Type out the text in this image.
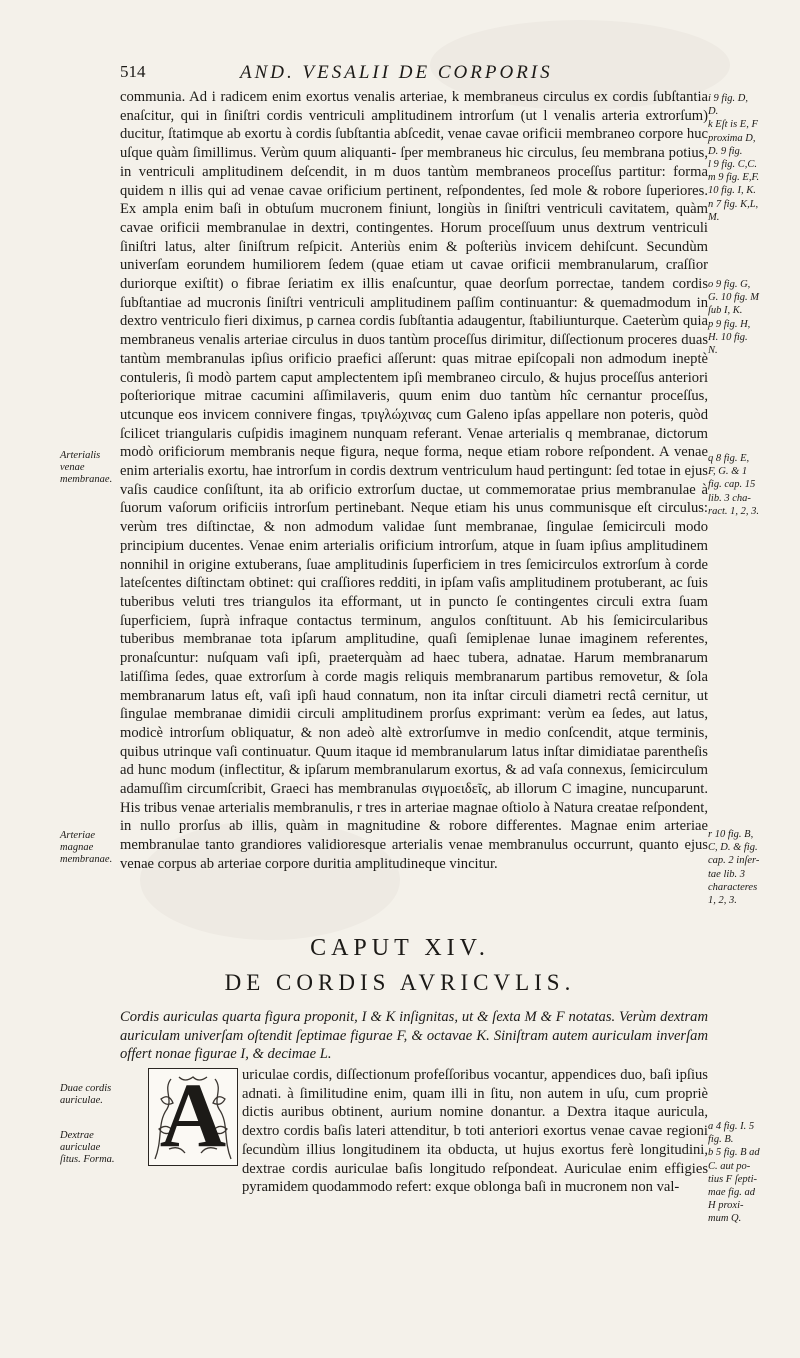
514	AND. VESALII DE CORPORIS

communia. Ad i radicem enim exortus venalis arteriae, k membraneus circulus ex cordis ſubſtantia enaſcitur, qui in ſiniſtri cordis ventriculi amplitudinem introrſum (ut l venalis arteria extrorſum) ducitur, ſtatimque ab exortu à cordis ſubſtantia abſcedit, venae cavae orificii membraneo corpore huc uſque quàm ſimillimus. Verùm quum aliquanti- ſper membraneus hic circulus, ſeu membrana potius, in ventriculi amplitudinem deſcendit, in m duos tantùm membraneos proceſſus partitur: forma quidem n illis qui ad venae cavae orificium pertinent, reſpondentes, ſed mole & robore ſuperiores. Ex ampla enim baſi in obtuſum mucronem finiunt, longiùs in ſiniſtri ventriculi cavitatem, quàm cavae orificii membranulae in dextri, contingentes. Horum proceſſuum unus dextrum ventriculi ſiniſtri latus, alter ſiniſtrum reſpicit. Anteriùs enim & poſteriùs invicem dehiſcunt. Secundùm univerſam eorundem humiliorem ſedem (quae etiam ut cavae orificii membranularum, craſſior duriorque exiſtit) o fibrae ſeriatim ex illis enaſcuntur, quae deorſum porrectae, tandem cordis ſubſtantiae ad mucronis ſiniſtri ventriculi amplitudinem paſſim continuantur: & quemadmodum in dextro ventriculo fieri diximus, p carnea cordis ſubſtantia adaugentur, ſtabiliunturque. Caeterùm quia membraneus venalis arteriae circulus in duos tantùm proceſſus dirimitur, diſſectionum proceres duas tantùm membranulas ipſius orificio praefici aſſerunt: quas mitrae epiſcopali non admodum ineptè contuleris, ſi modò partem caput amplectentem ipſi membraneo circulo, & hujus proceſſus anteriori poſteriorique mitrae cacumini aſſimilaveris, quum enim duo tantùm hîc cernantur proceſſus, utcunque eos invicem connivere fingas, τριγλώχινας cum Galeno ipſas appellare non poteris, quòd ſcilicet triangularis cuſpidis imaginem nunquam referant. Venae arterialis q membranae, dictorum modò orificiorum membranis neque figura, neque forma, neque etiam robore reſpondent. A venae enim arterialis exortu, hae introrſum in cordis dextrum ventriculum haud pertingunt: ſed totae in ejus vaſis caudice conſiſtunt, ita ab orificio extrorſum ductae, ut commemoratae prius membranulae à ſuorum vaſorum orificiis introrſum pertinebant. Neque etiam his unus communisque eſt circulus: verùm tres diſtinctae, & non admodum validae ſunt membranae, ſingulae ſemicirculi modo principium ducentes. Venae enim arterialis orificium introrſum, atque in ſuam ipſius amplitudinem nonnihil in origine extuberans, ſuae amplitudinis ſuperficiem in tres ſemicirculos extrorſum à corde lateſcentes diſtinctam obtinet: qui craſſiores redditi, in ipſam vaſis amplitudinem protuberant, ac ſuis tuberibus veluti tres triangulos ita efformant, ut in puncto ſe contingentes circuli extra ſuam ſuperficiem, ſuprà infraque contactus terminum, angulos conſtituunt. Ab his ſemicircularibus tuberibus membranae tota ipſarum amplitudine, quaſi ſemiplenae lunae imaginem referentes, pronaſcuntur: nuſquam vaſi ipſi, praeterquàm ad haec tubera, adnatae. Harum membranarum latiſſima ſedes, quae extrorſum à corde magis reliquis membranarum partibus removetur, & ſola membranarum latus eſt, vaſi ipſi haud connatum, non ita inſtar circuli diametri rectâ cernitur, ut ſingulae membranae dimidii circuli amplitudinem prorſus exprimant: verùm ea ſedes, aut latus, modicè introrſum obliquatur, & non adeò altè extrorſumve in medio conſcendit, atque terminis, quibus utrinque vaſi continuatur. Quum itaque id membranularum latus inſtar dimidiatae parentheſis ad hunc modum (inflectitur, & ipſarum membranularum exortus, & ad vaſa connexus, ſemicirculum adamuſſim circumſcribit, Graeci has membranulas σιγμοειδεῖς, ab illorum C imagine, nuncuparunt. His tribus venae arterialis membranulis, r tres in arteriae magnae oſtiolo à Natura creatae reſpondent, in nullo prorſus ab illis, quàm in magnitudine & robore differentes. Magnae enim arteriae membranulae tanto grandiores validioresque arterialis venae membranulus occurrunt, quanto ejus venae corpus ab arteriae corpore duritia amplitudineque vincitur.

Arterialis venae membranae.
Arteriae magnae membranae.
Duae cordis auriculae.
Dextrae auriculae ſitus. Forma.
i 9 fig. D,
D.
k Eſt is E, F
proxima D,
D. 9 fig.
l 9 fig. C,C.
m 9 fig. E,F.
10 fig. I, K.
n 7 fig. K,L,
M.
o 9 fig. G,
G. 10 fig. M
ſub I, K.
p 9 fig. H,
H. 10 fig.
N.
q 8 fig. E,
F, G. & 1
fig. cap. 15
lib. 3 cha-
ract. 1, 2, 3.
r 10 fig. B,
C, D. & fig.
cap. 2 inſer-
tae lib. 3
characteres
1, 2, 3.
a 4 fig. I. 5
fig. B.
b 5 fig. B ad
C. aut po-
tius F ſepti-
mae fig. ad
H proxi-
mum Q.
CAPUT XIV.
DE CORDIS AVRICVLIS.
Cordis auriculas quarta figura proponit, I & K inſignitas, ut & ſexta M & F notatas. Verùm dextram auriculam univerſam oſtendit ſeptimae figurae F, & octavae K. Siniſtram autem auriculam inverſam offert nonae figurae I, & decimae L.
A	uriculae cordis, diſſectionum profeſſoribus vocantur, appendices duo, baſi ipſius adnati. à ſimilitudine enim, quam illi in ſitu, non autem in uſu, cum propriè dictis auribus obtinent, aurium nomine donantur. a Dextra itaque auricula, dextro cordis baſis lateri attenditur, b toti anteriori exortus venae cavae regioni ſecundùm illius longitudinem ita obducta, ut hujus exortus ferè longitudini, dextrae cordis auriculae baſis longitudo reſpondeat. Auriculae enim effigies pyramidem quodammodo refert: exque oblonga baſi in mucronem non val-
